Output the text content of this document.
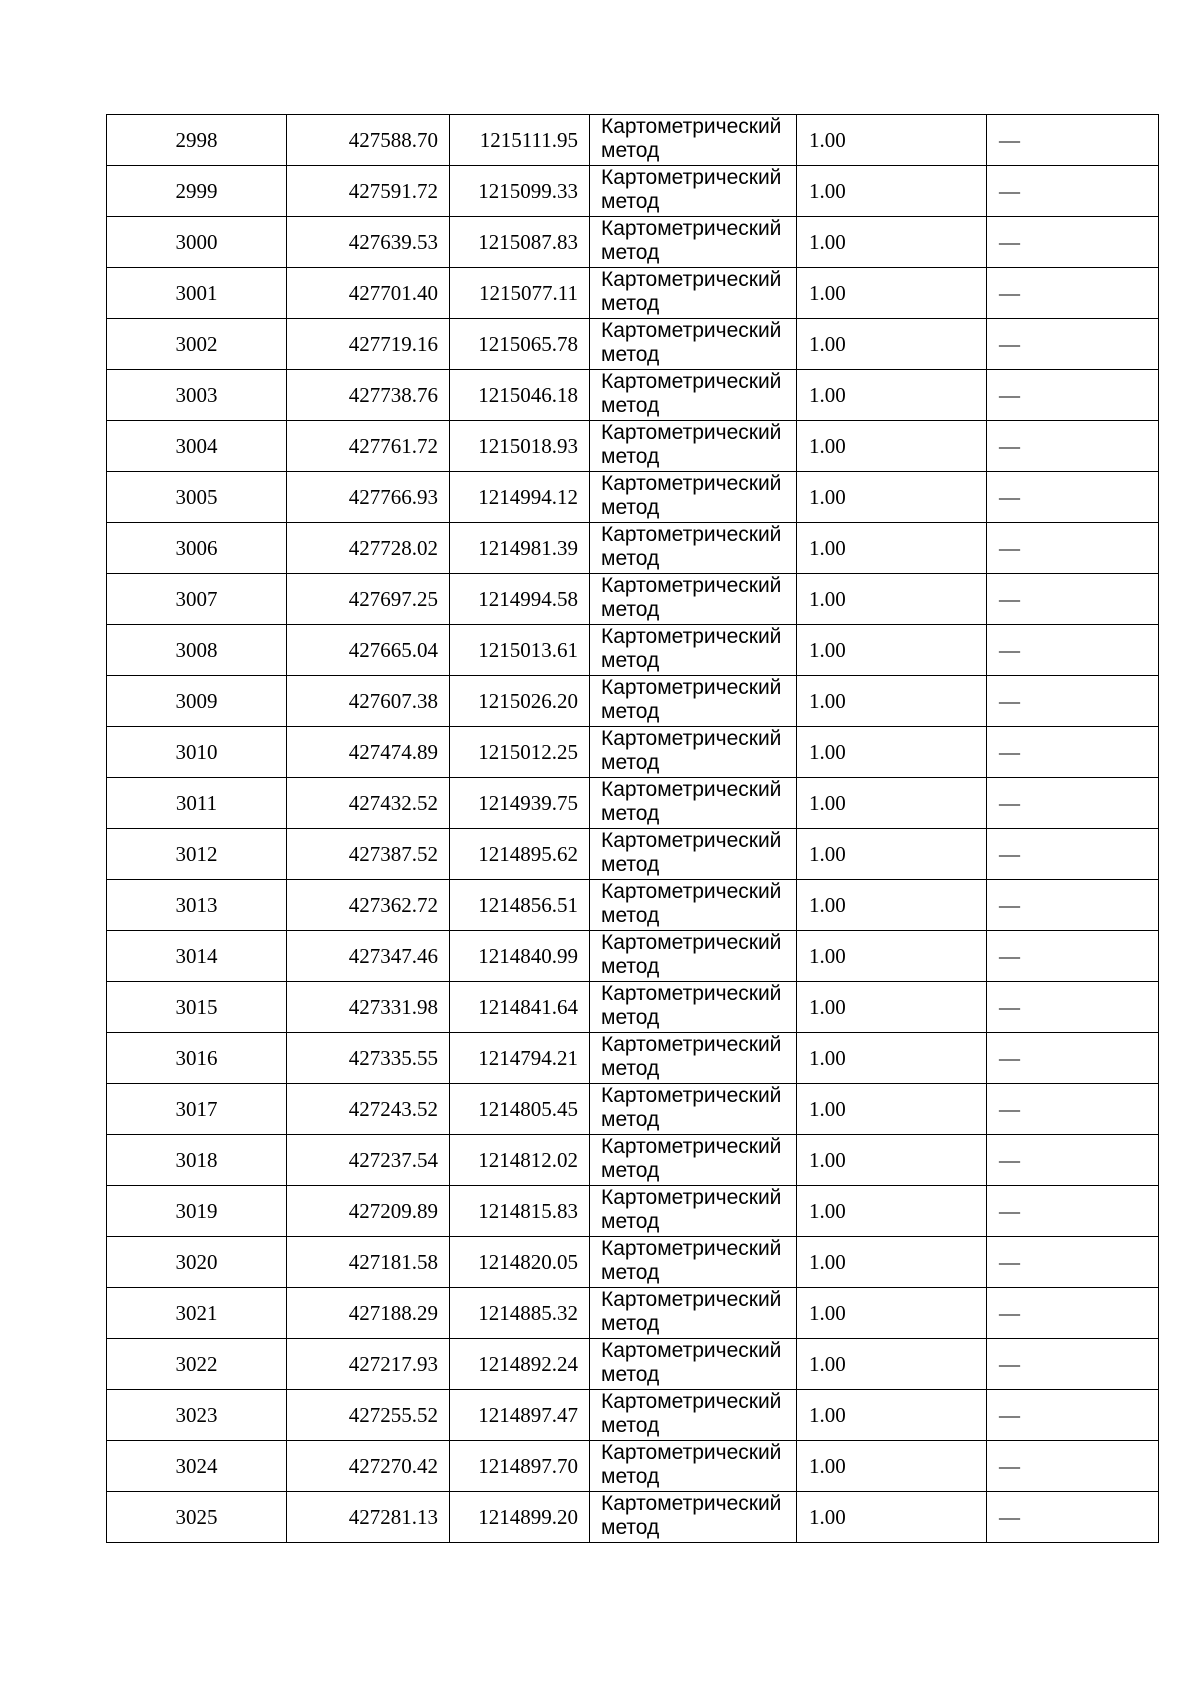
2998	427588.70	1215111.95	Картометрический
метод	1.00	—
2999	427591.72	1215099.33	Картометрический
метод	1.00	—
3000	427639.53	1215087.83	Картометрический
метод	1.00	—
3001	427701.40	1215077.11	Картометрический
метод	1.00	—
3002	427719.16	1215065.78	Картометрический
метод	1.00	—
3003	427738.76	1215046.18	Картометрический
метод	1.00	—
3004	427761.72	1215018.93	Картометрический
метод	1.00	—
3005	427766.93	1214994.12	Картометрический
метод	1.00	—
3006	427728.02	1214981.39	Картометрический
метод	1.00	—
3007	427697.25	1214994.58	Картометрический
метод	1.00	—
3008	427665.04	1215013.61	Картометрический
метод	1.00	—
3009	427607.38	1215026.20	Картометрический
метод	1.00	—
3010	427474.89	1215012.25	Картометрический
метод	1.00	—
3011	427432.52	1214939.75	Картометрический
метод	1.00	—
3012	427387.52	1214895.62	Картометрический
метод	1.00	—
3013	427362.72	1214856.51	Картометрический
метод	1.00	—
3014	427347.46	1214840.99	Картометрический
метод	1.00	—
3015	427331.98	1214841.64	Картометрический
метод	1.00	—
3016	427335.55	1214794.21	Картометрический
метод	1.00	—
3017	427243.52	1214805.45	Картометрический
метод	1.00	—
3018	427237.54	1214812.02	Картометрический
метод	1.00	—
3019	427209.89	1214815.83	Картометрический
метод	1.00	—
3020	427181.58	1214820.05	Картометрический
метод	1.00	—
3021	427188.29	1214885.32	Картометрический
метод	1.00	—
3022	427217.93	1214892.24	Картометрический
метод	1.00	—
3023	427255.52	1214897.47	Картометрический
метод	1.00	—
3024	427270.42	1214897.70	Картометрический
метод	1.00	—
3025	427281.13	1214899.20	Картометрический
метод	1.00	—
